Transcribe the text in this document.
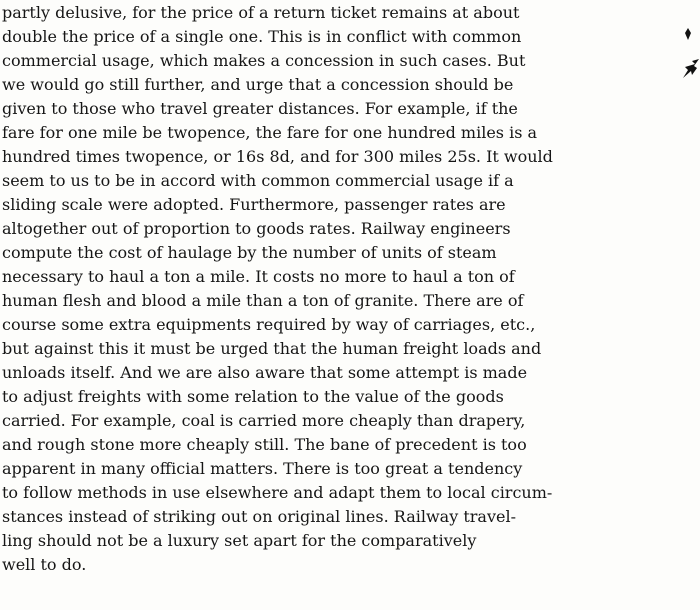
partly delusive, for the price of a return ticket remains at about
double the price of a single one. This is in conflict with common
commercial usage, which makes a concession in such cases. But
we would go still further, and urge that a concession should be
given to those who travel greater distances. For example, if the
fare for one mile be twopence, the fare for one hundred miles is a
hundred times twopence, or 16s 8d, and for 300 miles 25s. It would
seem to us to be in accord with common commercial usage if a
sliding scale were adopted. Furthermore, passenger rates are
altogether out of proportion to goods rates. Railway engineers
compute the cost of haulage by the number of units of steam
necessary to haul a ton a mile. It costs no more to haul a ton of
human flesh and blood a mile than a ton of granite. There are of
course some extra equipments required by way of carriages, etc.,
but against this it must be urged that the human freight loads and
unloads itself. And we are also aware that some attempt is made
to adjust freights with some relation to the value of the goods
carried. For example, coal is carried more cheaply than drapery,
and rough stone more cheaply still. The bane of precedent is too
apparent in many official matters. There is too great a tendency
to follow methods in use elsewhere and adapt them to local circum-
stances instead of striking out on original lines. Railway travel-
ling should not be a luxury set apart for the comparatively
well to do.
